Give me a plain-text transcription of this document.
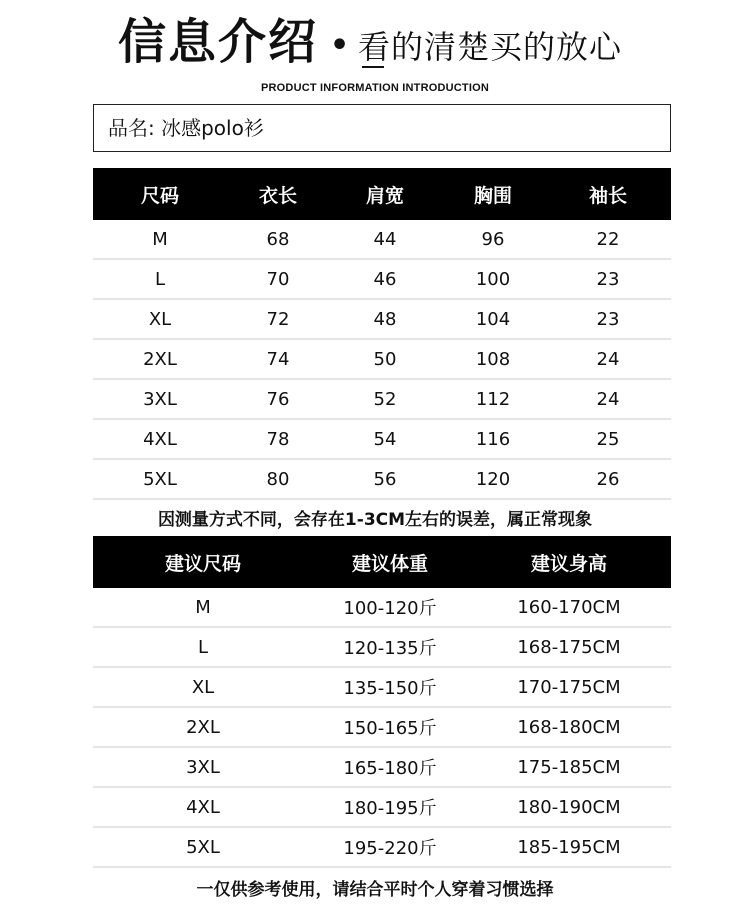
信息介绍 • 看的清楚买的放心
PRODUCT INFORMATION INTRODUCTION
品名: 冰感polo衫
尺码	衣长	肩宽	胸围	袖长
M	68	44	96	22
L	70	46	100	23
XL	72	48	104	23
2XL	74	50	108	24
3XL	76	52	112	24
4XL	78	54	116	25
5XL	80	56	120	26
因测量方式不同，会存在1-3CM左右的误差，属正常现象
建议尺码	建议体重	建议身高
M	100-120斤	160-170CM
L	120-135斤	168-175CM
XL	135-150斤	170-175CM
2XL	150-165斤	168-180CM
3XL	165-180斤	175-185CM
4XL	180-195斤	180-190CM
5XL	195-220斤	185-195CM
一仅供参考使用，请结合平时个人穿着习惯选择
